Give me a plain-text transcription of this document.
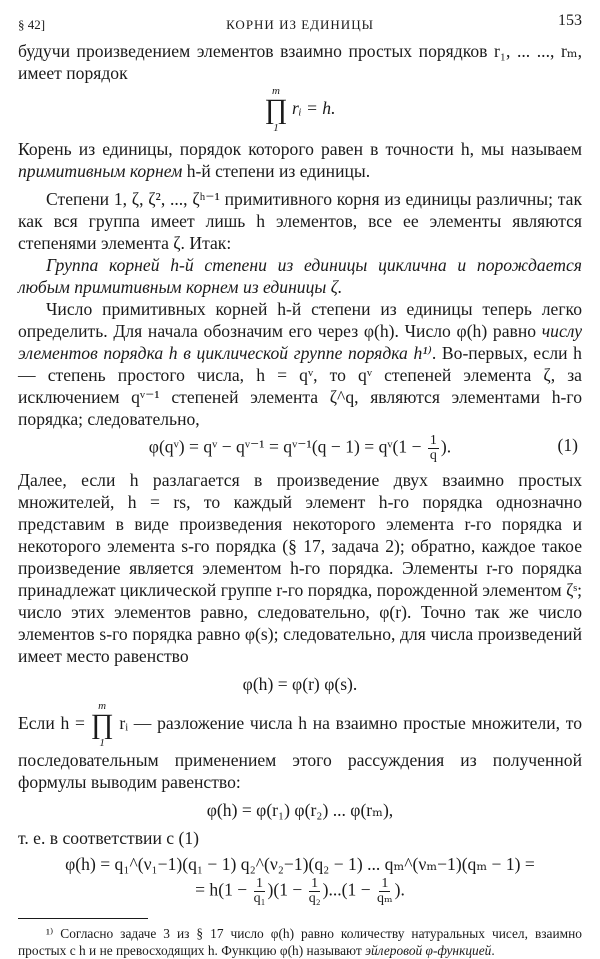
§ 42]	КОРНИ ИЗ ЕДИНИЦЫ	153

будучи произведением элементов взаимно простых порядков r₁, ... ..., rₘ, имеет порядок

m
∏
1
rᵢ = h.

Корень из единицы, порядок которого равен в точности h, мы называем примитивным корнем h-й степени из единицы.

Степени 1, ζ, ζ², ..., ζʰ⁻¹ примитивного корня из единицы различны; так как вся группа имеет лишь h элементов, все ее элементы являются степенями элемента ζ. Итак:

Группа корней h-й степени из единицы циклична и порождается любым примитивным корнем из единицы ζ.

Число примитивных корней h-й степени из единицы теперь легко определить. Для начала обозначим его через φ(h). Число φ(h) равно числу элементов порядка h в циклической группе порядка h¹⁾. Во-первых, если h — степень простого числа, h = qᵛ, то qᵛ степеней элемента ζ, за исключением qᵛ⁻¹ степеней элемента ζ^q, являются элементами h-го порядка; следовательно,

φ(qᵛ) = qᵛ − qᵛ⁻¹ = qᵛ⁻¹(q − 1) = qᵛ(1 − $\frac{1}{q}$ ).	(1)

Далее, если h разлагается в произведение двух взаимно простых множителей, h = rs, то каждый элемент h-го порядка однозначно представим в виде произведения некоторого элемента r-го порядка и некоторого элемента s-го порядка (§ 17, задача 2); обратно, каждое такое произведение является элементом h-го порядка. Элементы r-го порядка принадлежат циклической группе r-го порядка, порожденной элементом ζˢ; число этих элементов равно, следовательно, φ(r). Точно так же число элементов s-го порядка равно φ(s); следовательно, для числа произведений имеет место равенство

φ(h) = φ(r) φ(s).

Если h =
m
∏
1
rᵢ — разложение числа h на взаимно простые множители, то последовательным применением этого рассуждения из полученной формулы выводим равенство:

φ(h) = φ(r₁) φ(r₂) ... φ(rₘ),

т. е. в соответствии с (1)

φ(h) = q₁^(ν₁−1)(q₁ − 1) q₂^(ν₂−1)(q₂ − 1) ... qₘ^(νₘ−1)(qₘ − 1) =
= $h(1 - \frac{1}{\text{q₁}} )(1 - \frac{1}{\text{q₂}} )...(1 - \frac{1}{\text{qₘ}}$ ).

¹⁾ Согласно задаче 3 из § 17 число φ(h) равно количеству натуральных чисел, взаимно простых с h и не превосходящих h. Функцию φ(h) называют эйлеровой φ-функцией.
